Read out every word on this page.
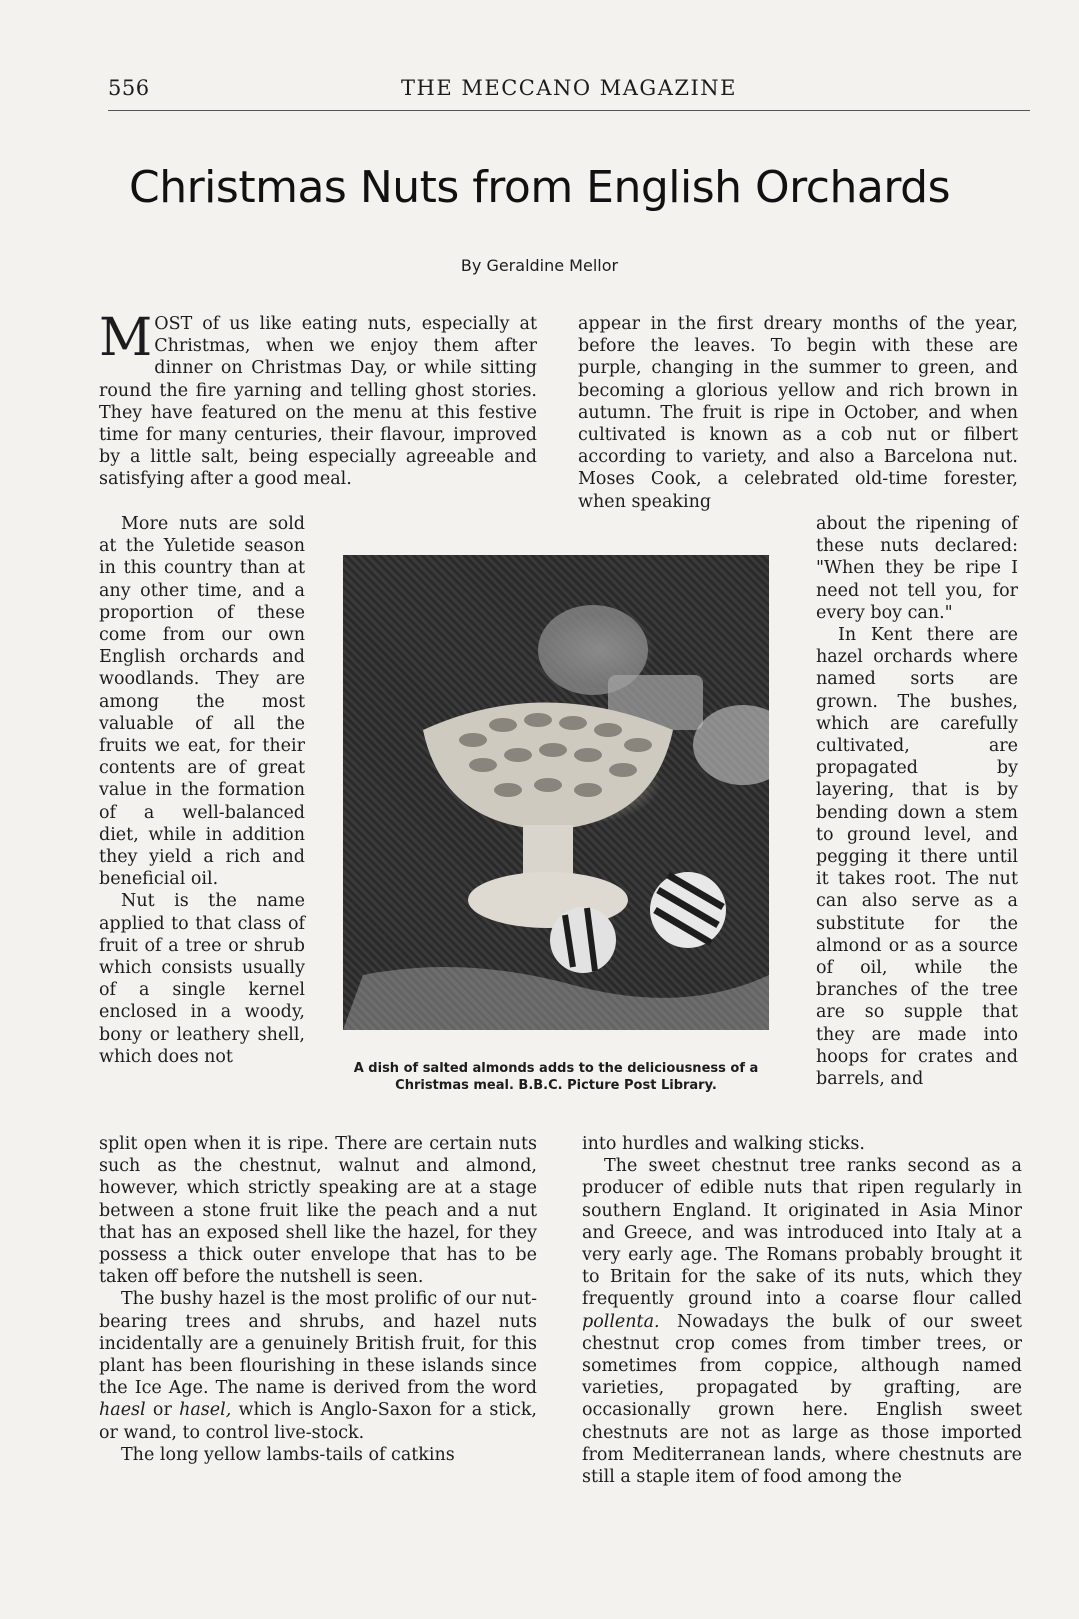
556	THE MECCANO MAGAZINE
Christmas Nuts from English Orchards
By Geraldine Mellor

MOST of us like eating nuts, especially at Christmas, when we enjoy them after dinner on Christmas Day, or while sitting round the fire yarning and telling ghost stories. They have featured on the menu at this festive time for many centuries, their flavour, improved by a little salt, being especially agreeable and satisfying after a good meal.

More nuts are sold at the Yuletide season in this country than at any other time, and a proportion of these come from our own English orchards and woodlands. They are among the most valuable of all the fruits we eat, for their contents are of great value in the formation of a well-balanced diet, while in addition they yield a rich and beneficial oil.

Nut is the name applied to that class of fruit of a tree or shrub which consists usually of a single kernel enclosed in a woody, bony or leathery shell, which does not

split open when it is ripe. There are certain nuts such as the chestnut, walnut and almond, however, which strictly speaking are at a stage between a stone fruit like the peach and a nut that has an exposed shell like the hazel, for they possess a thick outer envelope that has to be taken off before the nutshell is seen.

The bushy hazel is the most prolific of our nut-bearing trees and shrubs, and hazel nuts incidentally are a genuinely British fruit, for this plant has been flourishing in these islands since the Ice Age. The name is derived from the word haesl or hasel, which is Anglo-Saxon for a stick, or wand, to control live-stock.

The long yellow lambs-tails of catkins

appear in the first dreary months of the year, before the leaves. To begin with these are purple, changing in the summer to green, and becoming a glorious yellow and rich brown in autumn. The fruit is ripe in October, and when cultivated is known as a cob nut or filbert according to variety, and also a Barcelona nut. Moses Cook, a celebrated old-time forester, when speaking

about the ripening of these nuts declared: "When they be ripe I need not tell you, for every boy can."

In Kent there are hazel orchards where named sorts are grown. The bushes, which are carefully cultivated, are propagated by layering, that is by bending down a stem to ground level, and pegging it there until it takes root. The nut can also serve as a substitute for the almond or as a source of oil, while the branches of the tree are so supple that they are made into hoops for crates and barrels, and

into hurdles and walking sticks.

The sweet chestnut tree ranks second as a producer of edible nuts that ripen regularly in southern England. It originated in Asia Minor and Greece, and was introduced into Italy at a very early age. The Romans probably brought it to Britain for the sake of its nuts, which they frequently ground into a coarse flour called pollenta. Nowadays the bulk of our sweet chestnut crop comes from timber trees, or sometimes from coppice, although named varieties, propagated by grafting, are occasionally grown here. English sweet chestnuts are not as large as those imported from Mediterranean lands, where chestnuts are still a staple item of food among the

A dish of salted almonds adds to the deliciousness of a Christmas meal. B.B.C. Picture Post Library.
